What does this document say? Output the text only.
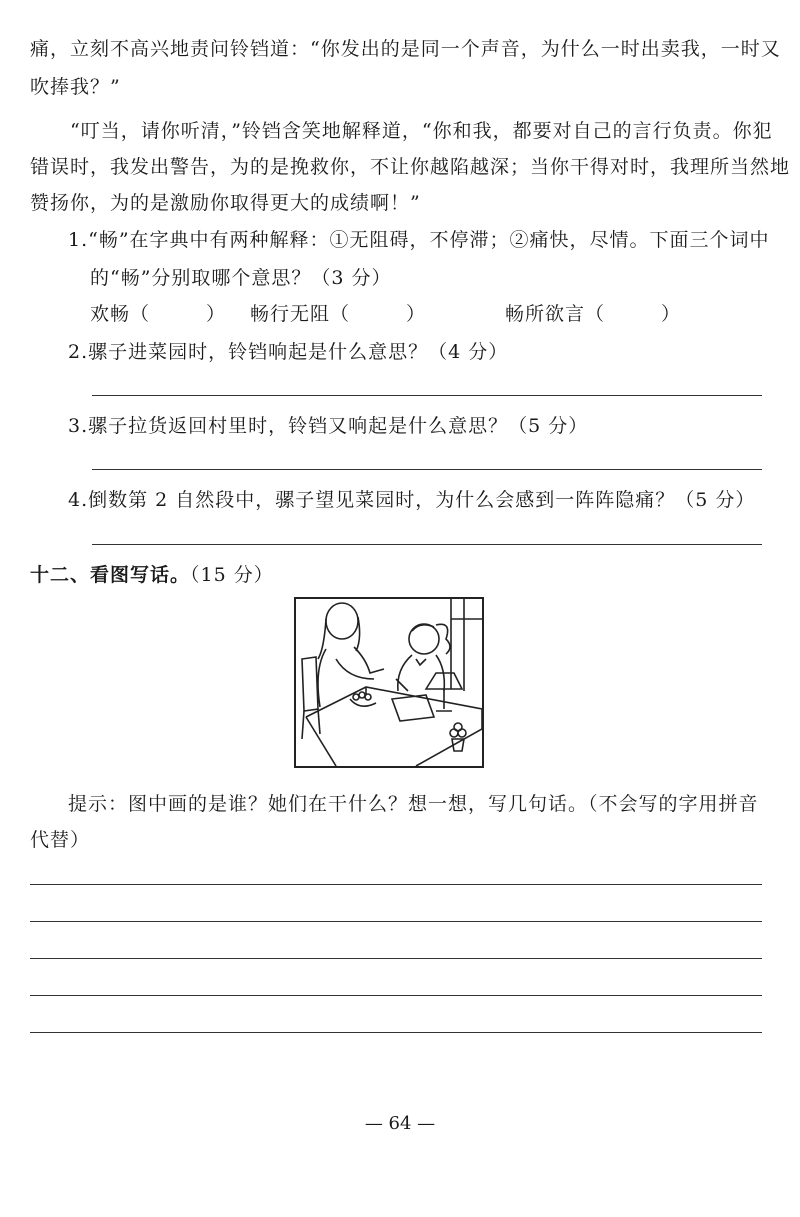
痛，立刻不高兴地责问铃铛道：“你发出的是同一个声音，为什么一时出卖我，一时又
吹捧我？”
“叮当，请你听清，”铃铛含笑地解释道，“你和我，都要对自己的言行负责。你犯
错误时，我发出警告，为的是挽救你，不让你越陷越深；当你干得对时，我理所当然地
赞扬你，为的是激励你取得更大的成绩啊！”
1.“畅”在字典中有两种解释：①无阻碍，不停滞；②痛快，尽情。下面三个词中
的“畅”分别取哪个意思？（3 分）
欢畅（	） 畅行无阻（	）	畅所欲言（	）
2.骡子进菜园时，铃铛响起是什么意思？（4 分）
3.骡子拉货返回村里时，铃铛又响起是什么意思？（5 分）
4.倒数第 2 自然段中，骡子望见菜园时，为什么会感到一阵阵隐痛？（5 分）
十二、看图写话。（15 分）
提示：图中画的是谁？她们在干什么？想一想，写几句话。（不会写的字用拼音
代替）
— 64 —
